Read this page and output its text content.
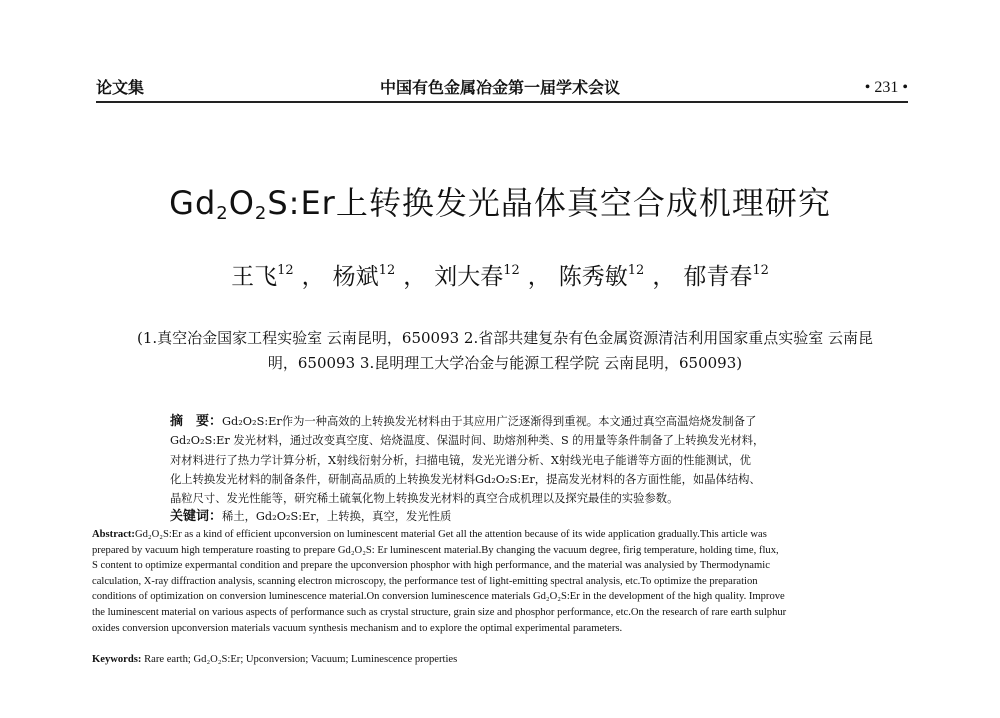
论文集	中国有色金属冶金第一届学术会议	• 231 •
$Gd_2O_2S:Er$上转换发光晶体真空合成机理研究
王飞$^{12}$ ， 杨斌$^{12}$ ， 刘大春$^{12}$ ， 陈秀敏$^{12}$ ， 郁青春$^{12}$
(1.真空冶金国家工程实验室 云南昆明，650093 2.省部共建复杂有色金属资源清洁利用国家重点实验室 云南昆
明，650093 3.昆明理工大学冶金与能源工程学院 云南昆明，650093)
摘　要：Gd₂O₂S:Er作为一种高效的上转换发光材料由于其应用广泛逐渐得到重视。本文通过真空高温焙烧发制备了
Gd₂O₂S:Er 发光材料，通过改变真空度、焙烧温度、保温时间、助熔剂种类、S 的用量等条件制备了上转换发光材料，
对材料进行了热力学计算分析，X射线衍射分析，扫描电镜，发光光谱分析、X射线光电子能谱等方面的性能测试，优
化上转换发光材料的制备条件，研制高品质的上转换发光材料Gd₂O₂S:Er，提高发光材料的各方面性能，如晶体结构、
晶粒尺寸、发光性能等，研究稀土硫氧化物上转换发光材料的真空合成机理以及探究最佳的实验参数。
关键词：稀土，Gd₂O₂S:Er，上转换，真空，发光性质
Abstract:Gd₂O₂S:Er as a kind of efficient upconversion on luminescent material Get all the attention because of its wide application gradually.This article was
prepared by vacuum high temperature roasting to prepare Gd₂O₂S: Er luminescent material.By changing the vacuum degree, firig temperature, holding time, flux,
S content to optimize expermantal condition and prepare the upconversion phosphor with high performance, and the material was analysied by Thermodynamic
calculation, X-ray diffraction analysis, scanning electron microscopy, the performance test of light-emitting spectral analysis, etc.To optimize the preparation
conditions of optimization on conversion luminescence material.On conversion luminescence materials Gd₂O₂S:Er in the development of the high quality. Improve
the luminescent material on various aspects of performance such as crystal structure, grain size and phosphor performance, etc.On the research of rare earth sulphur
oxides conversion upconversion materials vacuum synthesis mechanism and to explore the optimal experimental parameters.
Keywords: Rare earth; Gd₂O₂S:Er; Upconversion; Vacuum; Luminescence properties
